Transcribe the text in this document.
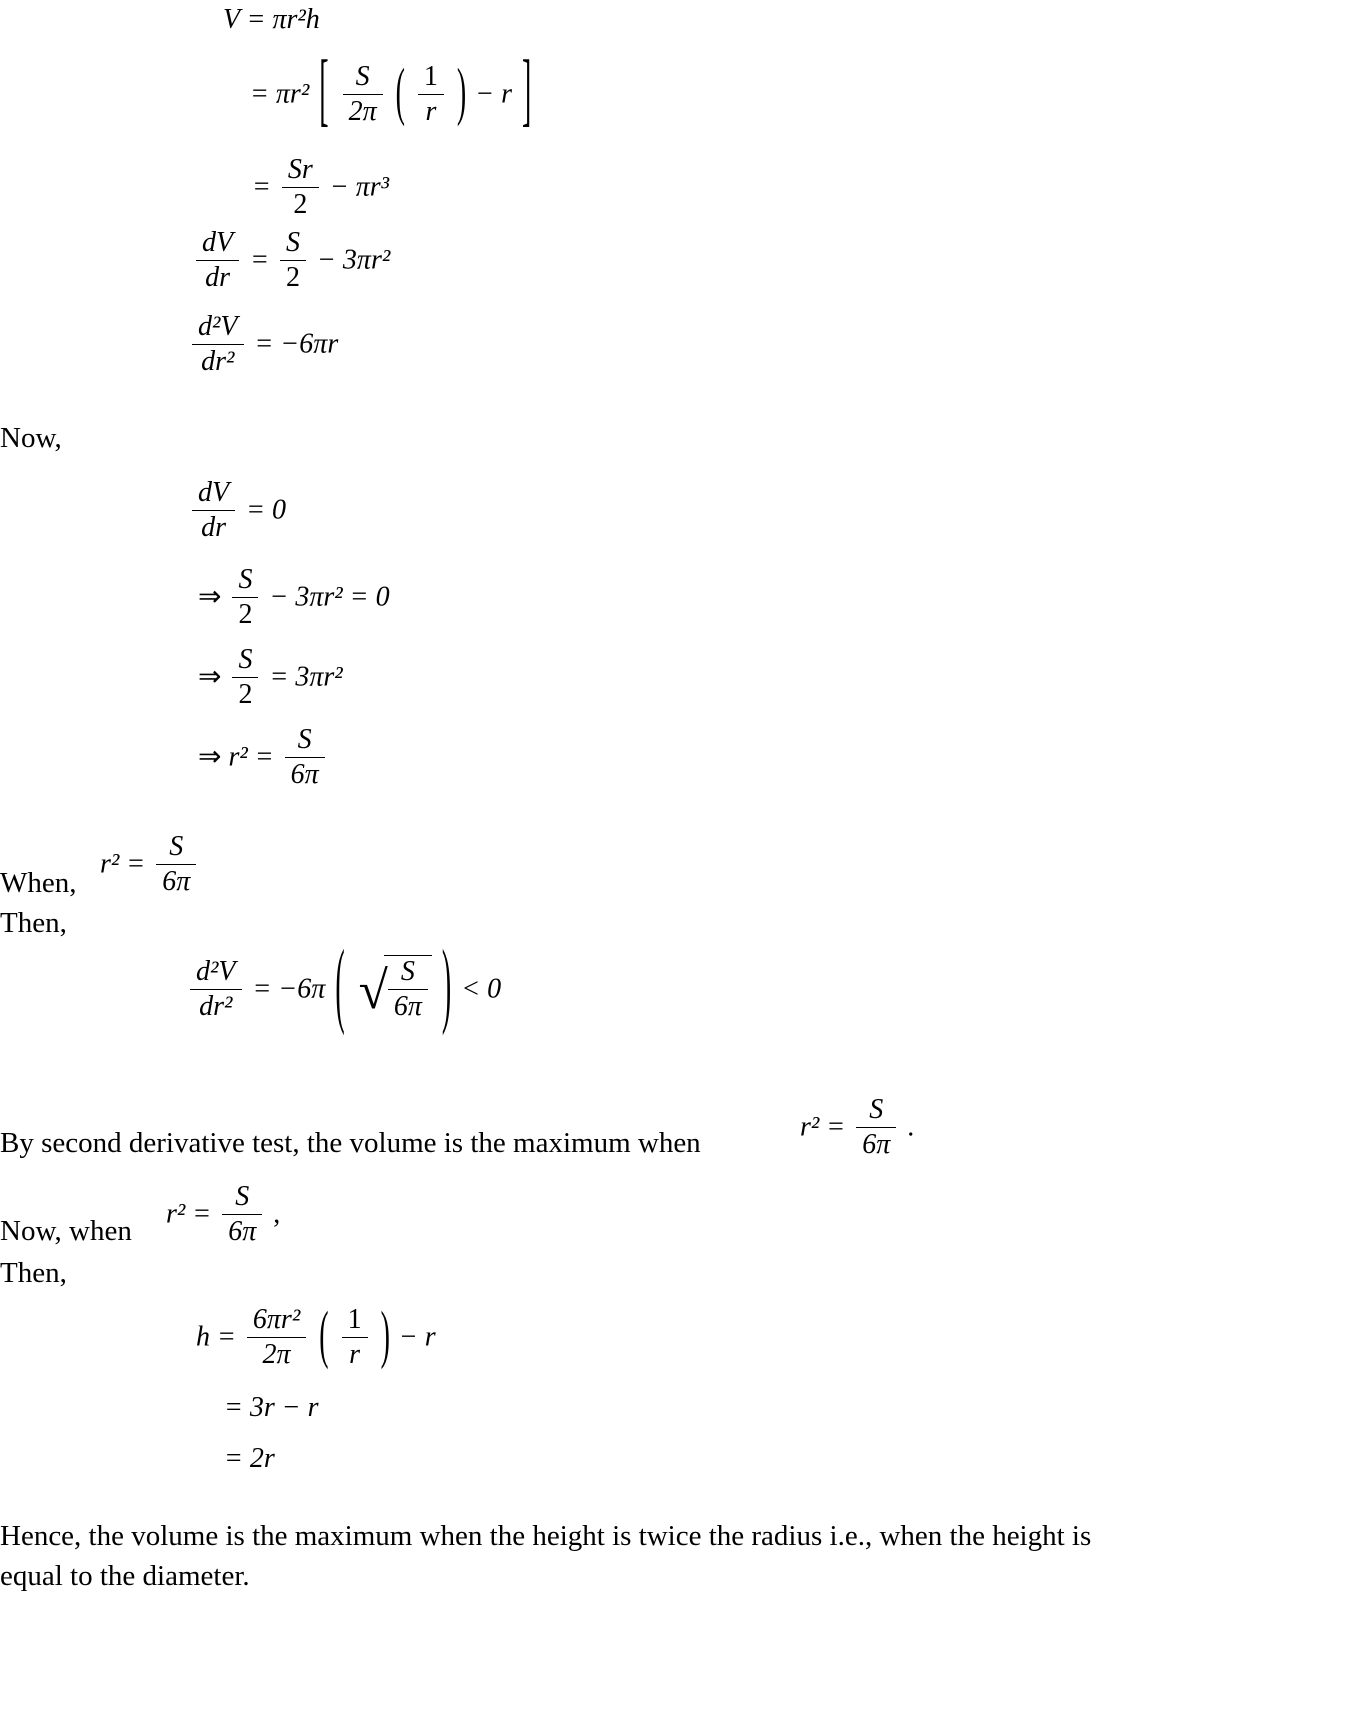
V = πr²h
= πr² [ $\frac{S}{2\pi}$ ( $\frac{1}{r}$ ) − r ]
= $\frac{Sr}{2} - \pi r^3$
$\frac{dV}{dr} = \frac{S}{2} - 3\pi r^2$
$\frac{\text{d²V}}{\text{dr²}} = -6\pi r$
Now,
$\frac{dV}{dr} = 0$
⇒ $\frac{S}{2} - 3\pi r^2 = 0$
⇒ $\frac{S}{2} = 3\pi r^2$
⇒ $r^2 = \frac{S}{6\pi}$
When,
$r^2 = \frac{S}{6\pi}$
Then,
$\frac{\text{d²V}}{\text{dr²}} = -6\pi$ ( √ $\frac{S}{6\pi}$ ) < 0
By second derivative test, the volume is the maximum when	$r^2 = \frac{S}{6\pi}$ .
Now, when
$r^2 = \frac{S}{6\pi}$ ,
Then,
$h = \frac{\text{6πr²}}{2\pi}$ ( $\frac{1}{r}$ ) − r
= 3r − r
= 2r
Hence, the volume is the maximum when the height is twice the radius i.e., when the height is
equal to the diameter.
